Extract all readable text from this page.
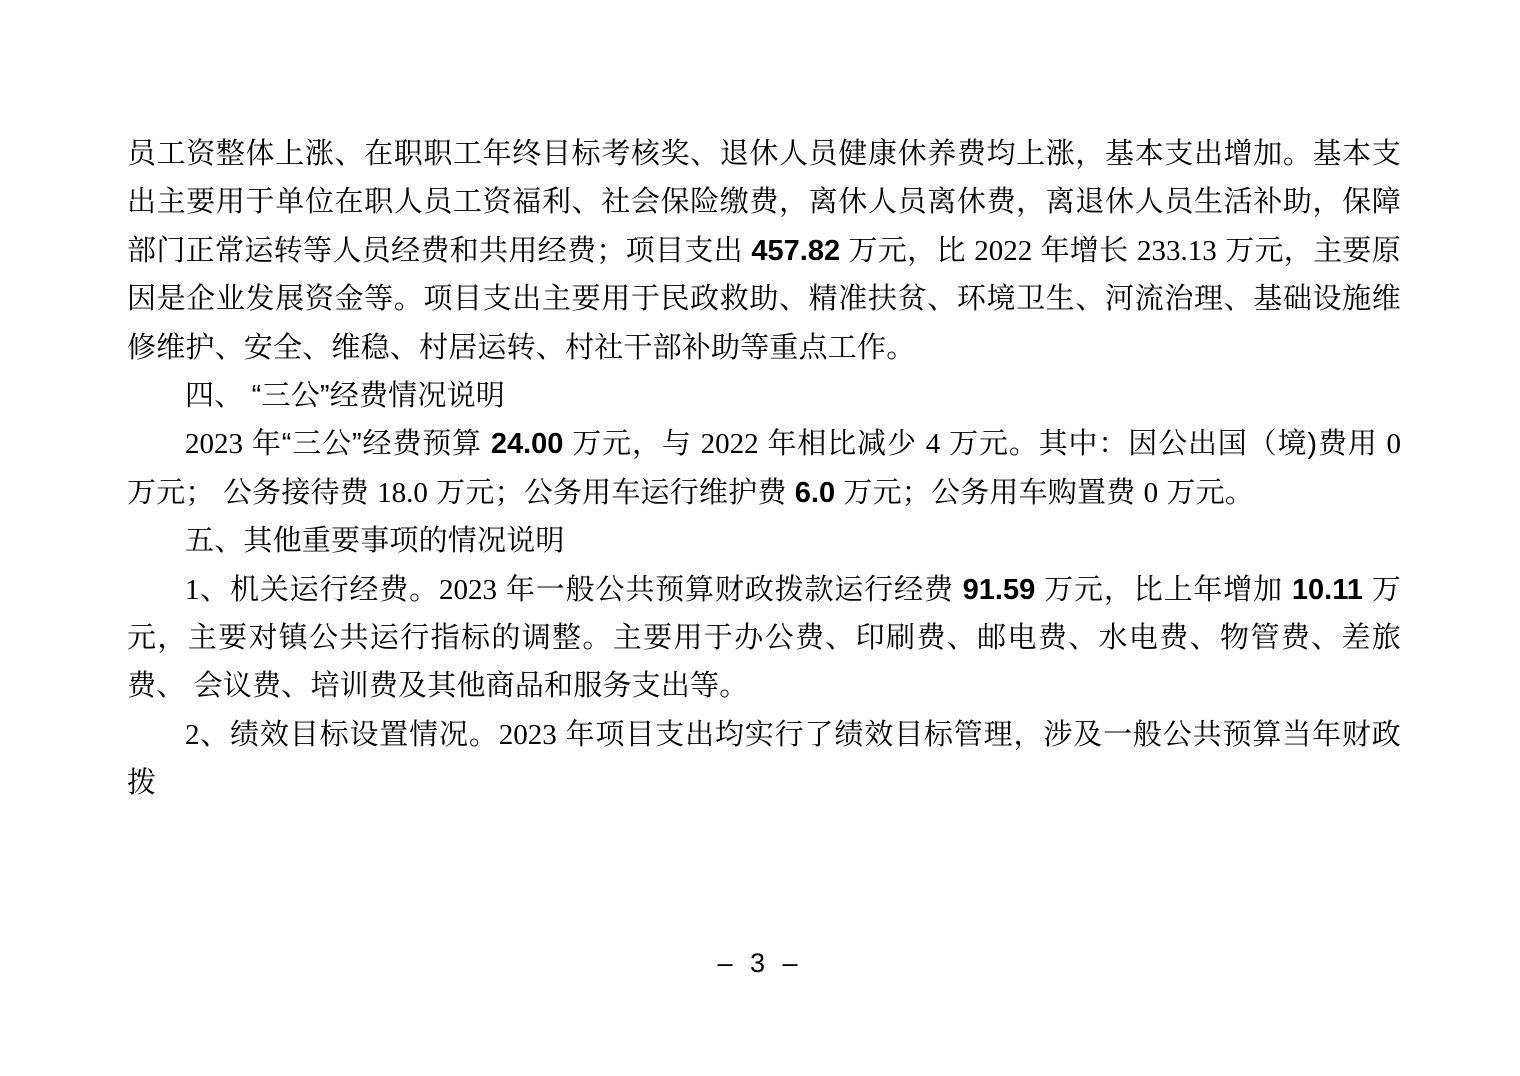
员工资整体上涨、在职职工年终目标考核奖、退休人员健康休养费均上涨，基本支出增加。基本支出主要用于单位在职人员工资福利、社会保险缴费，离休人员离休费，离退休人员生活补助，保障部门正常运转等人员经费和共用经费；项目支出 457.82 万元，比 2022 年增长 233.13 万元，主要原因是企业发展资金等。项目支出主要用于民政救助、精准扶贫、环境卫生、河流治理、基础设施维修维护、安全、维稳、村居运转、村社干部补助等重点工作。

四、 “三公”经费情况说明

2023 年“三公”经费预算 24.00 万元，与 2022 年相比减少 4 万元。其中：因公出国（境)费用 0 万元； 公务接待费 18.0 万元；公务用车运行维护费 6.0 万元；公务用车购置费 0 万元。

五、其他重要事项的情况说明

1、机关运行经费。2023 年一般公共预算财政拨款运行经费 91.59 万元，比上年增加 10.11 万元，主要对镇公共运行指标的调整。主要用于办公费、印刷费、邮电费、水电费、物管费、差旅费、 会议费、培训费及其他商品和服务支出等。

2、绩效目标设置情况。2023 年项目支出均实行了绩效目标管理，涉及一般公共预算当年财政拨

– 3 –
